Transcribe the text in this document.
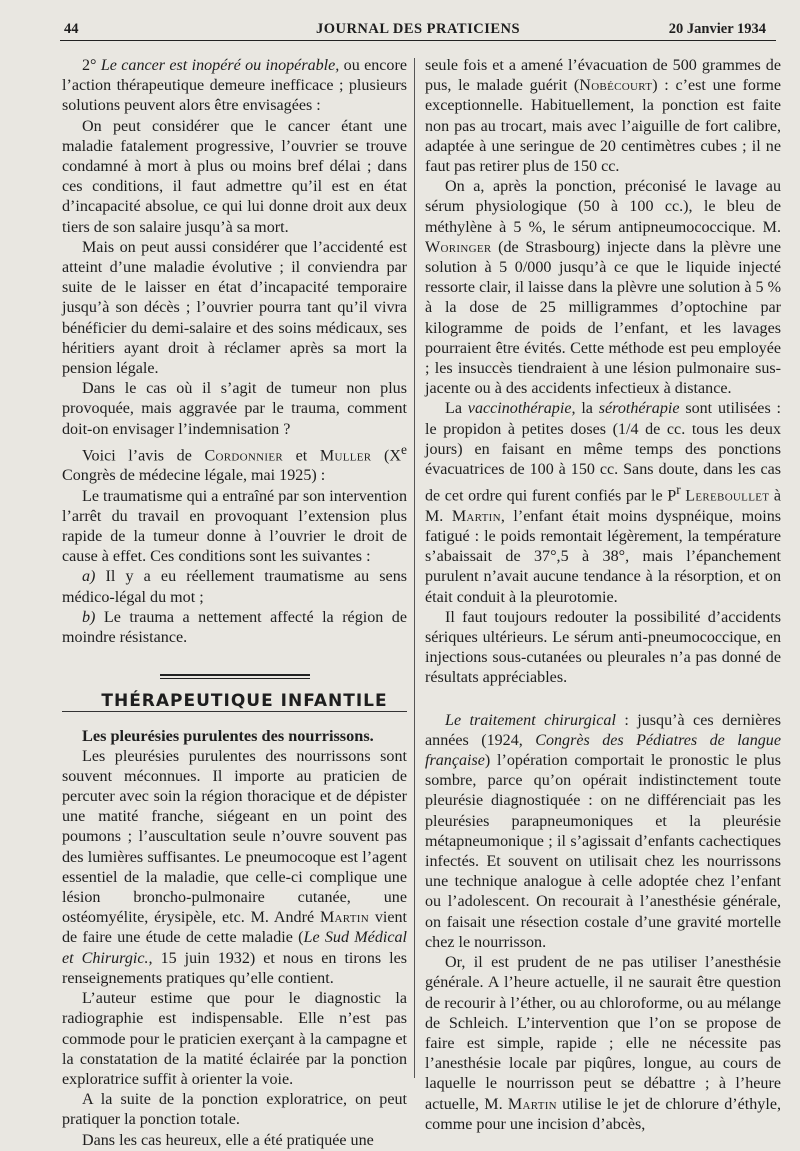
44	JOURNAL DES PRATICIENS	20 Janvier 1934

2° Le cancer est inopéré ou inopérable, ou encore l’action thérapeutique demeure inefficace ; plusieurs solutions peuvent alors être envisagées :

On peut considérer que le cancer étant une maladie fatalement progressive, l’ouvrier se trouve condamné à mort à plus ou moins bref délai ; dans ces conditions, il faut admettre qu’il est en état d’incapacité absolue, ce qui lui donne droit aux deux tiers de son salaire jusqu’à sa mort.

Mais on peut aussi considérer que l’accidenté est atteint d’une maladie évolutive ; il conviendra par suite de le laisser en état d’incapacité temporaire jusqu’à son décès ; l’ouvrier pourra tant qu’il vivra bénéficier du demi-salaire et des soins médicaux, ses héritiers ayant droit à réclamer après sa mort la pension légale.

Dans le cas où il s’agit de tumeur non plus provoquée, mais aggravée par le trauma, comment doit-on envisager l’indemnisation ?

Voici l’avis de Cordonnier et Muller (Xe Congrès de médecine légale, mai 1925) :

Le traumatisme qui a entraîné par son intervention l’arrêt du travail en provoquant l’extension plus rapide de la tumeur donne à l’ouvrier le droit de cause à effet. Ces conditions sont les suivantes :

a) Il y a eu réellement traumatisme au sens médico-légal du mot ;

b) Le trauma a nettement affecté la région de moindre résistance.

THÉRAPEUTIQUE INFANTILE

Les pleurésies purulentes des nourrissons.

Les pleurésies purulentes des nourrissons sont souvent méconnues. Il importe au praticien de percuter avec soin la région thoracique et de dépister une matité franche, siégeant en un point des poumons ; l’auscultation seule n’ouvre souvent pas des lumières suffisantes. Le pneumocoque est l’agent essentiel de la maladie, que celle-ci complique une lésion broncho-pulmonaire cutanée, une ostéomyélite, érysipèle, etc. M. André Martin vient de faire une étude de cette maladie (Le Sud Médical et Chirurgic., 15 juin 1932) et nous en tirons les renseignements pratiques qu’elle contient.

L’auteur estime que pour le diagnostic la radiographie est indispensable. Elle n’est pas commode pour le praticien exerçant à la campagne et la constatation de la matité éclairée par la ponction exploratrice suffit à orienter la voie.

A la suite de la ponction exploratrice, on peut pratiquer la ponction totale.

Dans les cas heureux, elle a été pratiquée une

seule fois et a amené l’évacuation de 500 grammes de pus, le malade guérit (Nobécourt) : c’est une forme exceptionnelle. Habituellement, la ponction est faite non pas au trocart, mais avec l’aiguille de fort calibre, adaptée à une seringue de 20 centimètres cubes ; il ne faut pas retirer plus de 150 cc.

On a, après la ponction, préconisé le lavage au sérum physiologique (50 à 100 cc.), le bleu de méthylène à 5 %, le sérum antipneumococcique. M. Woringer (de Strasbourg) injecte dans la plèvre une solution à 5 0/000 jusqu’à ce que le liquide injecté ressorte clair, il laisse dans la plèvre une solution à 5 % à la dose de 25 milligrammes d’optochine par kilogramme de poids de l’enfant, et les lavages pourraient être évités. Cette méthode est peu employée ; les insuccès tiendraient à une lésion pulmonaire sus-jacente ou à des accidents infectieux à distance.

La vaccinothérapie, la sérothérapie sont utilisées : le propidon à petites doses (1/4 de cc. tous les deux jours) en faisant en même temps des ponctions évacuatrices de 100 à 150 cc. Sans doute, dans les cas de cet ordre qui furent confiés par le $P^r$ Lereboullet à M. Martin, l’enfant était moins dyspnéique, moins fatigué : le poids remontait légèrement, la température s’abaissait de 37°,5 à 38°, mais l’épanchement purulent n’avait aucune tendance à la résorption, et on était conduit à la pleurotomie.

Il faut toujours redouter la possibilité d’accidents sériques ultérieurs. Le sérum anti-pneumococcique, en injections sous-cutanées ou pleurales n’a pas donné de résultats appréciables.

Le traitement chirurgical : jusqu’à ces dernières années (1924, Congrès des Pédiatres de langue française) l’opération comportait le pronostic le plus sombre, parce qu’on opérait indistinctement toute pleurésie diagnostiquée : on ne différenciait pas les pleurésies parapneumoniques et la pleurésie métapneumonique ; il s’agissait d’enfants cachectiques infectés. Et souvent on utilisait chez les nourrissons une technique analogue à celle adoptée chez l’enfant ou l’adolescent. On recourait à l’anesthésie générale, on faisait une résection costale d’une gravité mortelle chez le nourrisson.

Or, il est prudent de ne pas utiliser l’anesthésie générale. A l’heure actuelle, il ne saurait être question de recourir à l’éther, ou au chloroforme, ou au mélange de Schleich. L’intervention que l’on se propose de faire est simple, rapide ; elle ne nécessite pas l’anesthésie locale par piqûres, longue, au cours de laquelle le nourrisson peut se débattre ; à l’heure actuelle, M. Martin utilise le jet de chlorure d’éthyle, comme pour une incision d’abcès,
